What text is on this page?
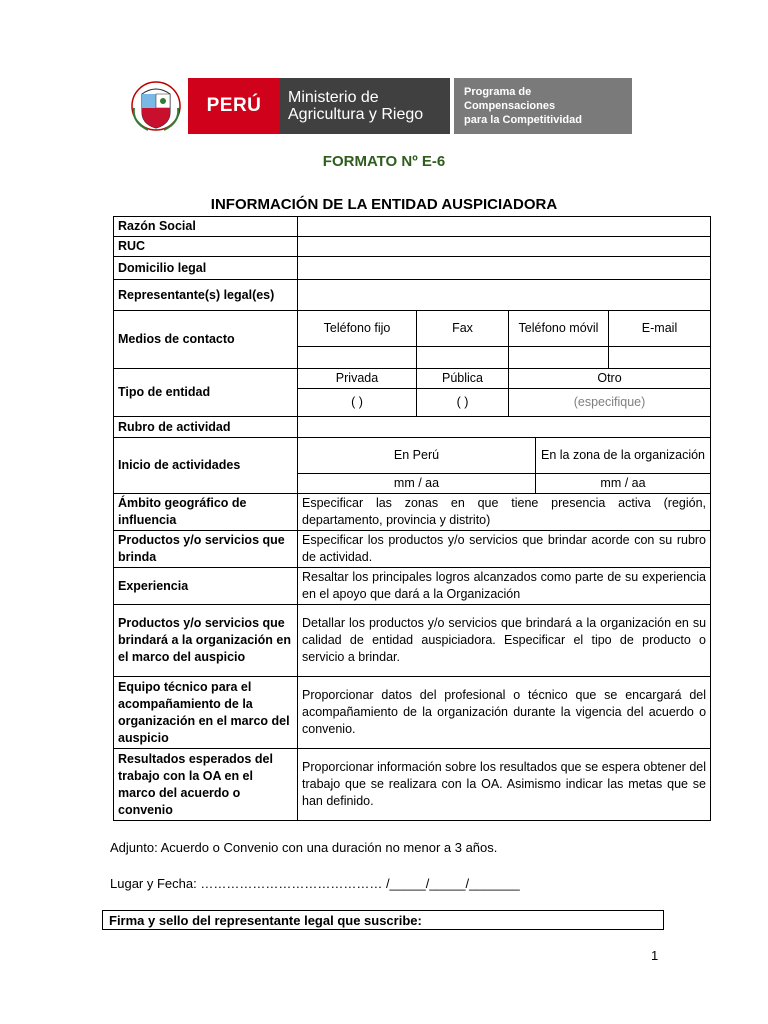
PERÚ Ministerio de
Agricultura y Riego
Programa de
Compensaciones
para la Competitividad
FORMATO Nº E-6
INFORMACIÓN DE LA ENTIDAD AUSPICIADORA
Razón Social					
RUC					
Domicilio legal					
Representante(s) legal(es)					
Medios de contacto	Teléfono fijo	Fax	Teléfono móvil		E-mail

Tipo de entidad	Privada	Pública	Otro		
	( )	( )	(especifique)		
Rubro de actividad					
Inicio de actividades	En Perú			En la zona de la organización	
	mm / aa			mm / aa	
Ámbito geográfico de influencia	Especificar las zonas en que tiene presencia activa (región, departamento, provincia y distrito)				
Productos y/o servicios que brinda	Especificar los productos y/o servicios que brindar acorde con su rubro de actividad.				
Experiencia	Resaltar los principales logros alcanzados como parte de su experiencia en el apoyo que dará a la Organización				
Productos y/o servicios que brindará a la organización en el marco del auspicio	Detallar los productos y/o servicios que brindará a la organización en su calidad de entidad auspiciadora. Especificar el tipo de producto o servicio a brindar.				
Equipo técnico para el acompañamiento de la organización en el marco del auspicio	Proporcionar datos del profesional o técnico que se encargará del acompañamiento de la organización durante la vigencia del acuerdo o convenio.				
Resultados esperados del trabajo con la OA en el marco del acuerdo o convenio	Proporcionar información sobre los resultados que se espera obtener del trabajo que se realizara con la OA. Asimismo indicar las metas que se han definido.				
Adjunto: Acuerdo o Convenio con una duración no menor a 3 años.
Lugar y Fecha: …………………………………… /_____/_____/_______
Firma y sello del representante legal que suscribe:
1
